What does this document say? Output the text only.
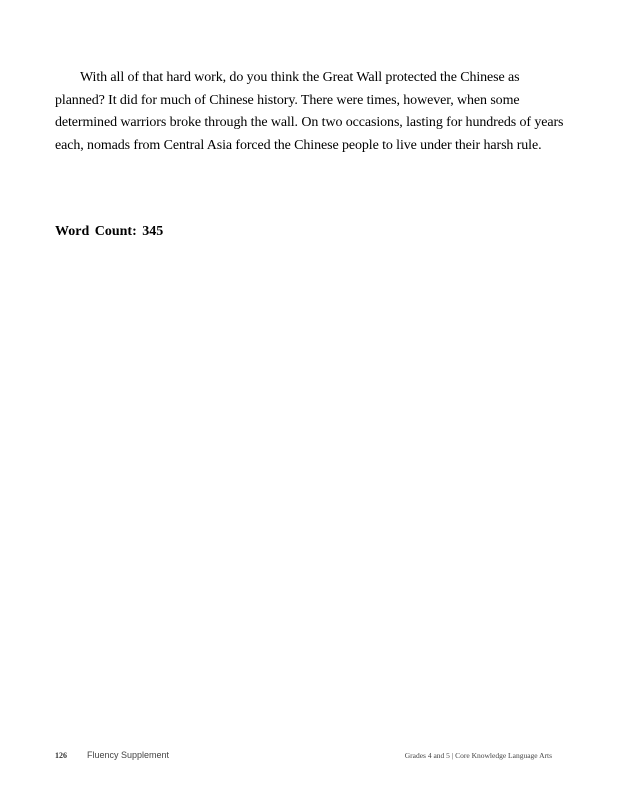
With all of that hard work, do you think the Great Wall protected the Chinese as planned? It did for much of Chinese history. There were times, however, when some determined warriors broke through the wall. On two occasions, lasting for hundreds of years each, nomads from Central Asia forced the Chinese people to live under their harsh rule.

Word Count: 345

126 Fluency Supplement	Grades 4 and 5 | Core Knowledge Language Arts
